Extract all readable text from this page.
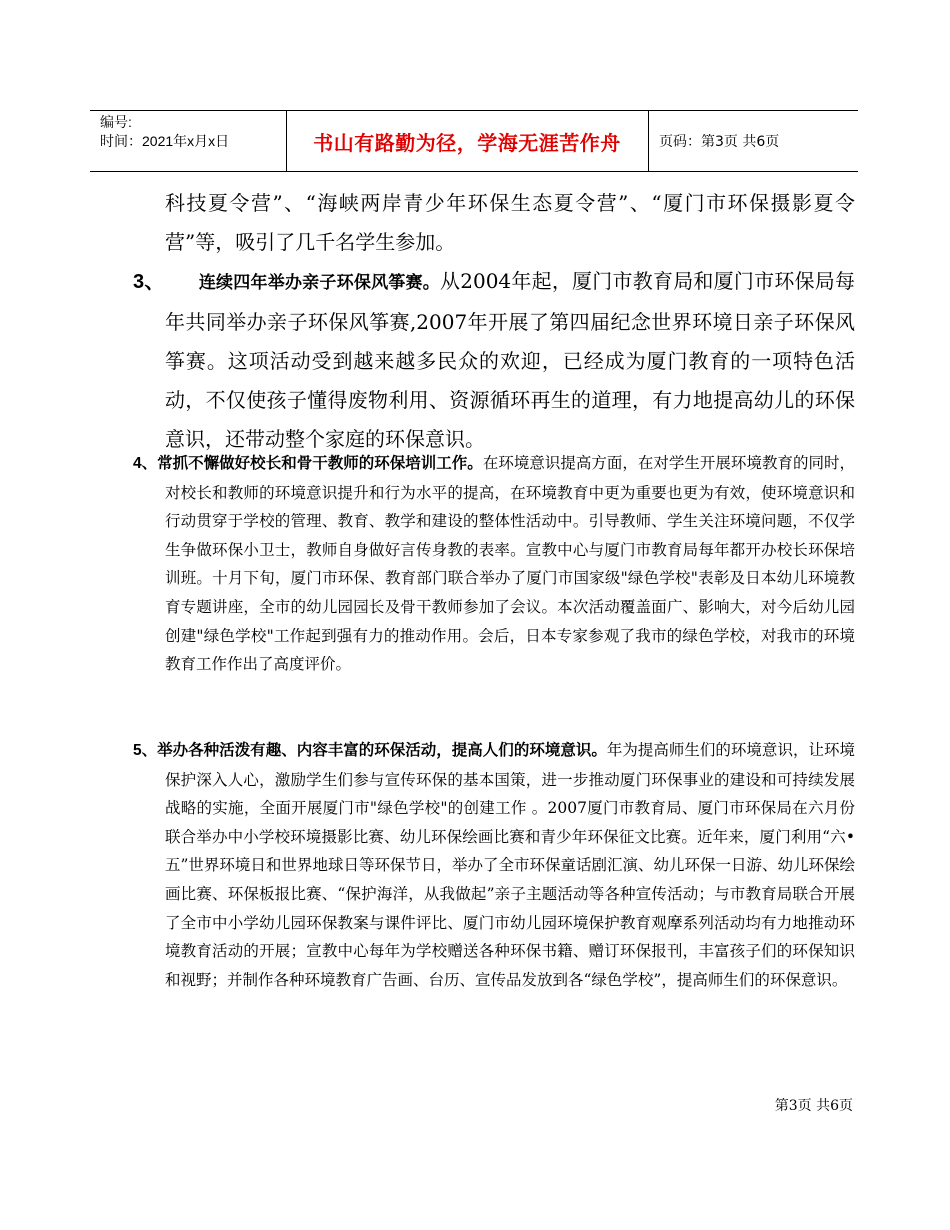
编号:
时间：2021年x月x日	书山有路勤为径，学海无涯苦作舟	页码：第3页 共6页

科技夏令营”、“海峡两岸青少年环保生态夏令营”、“厦门市环保摄影夏令营”等，吸引了几千名学生参加。

3、 连续四年举办亲子环保风筝赛。从2004年起，厦门市教育局和厦门市环保局每年共同举办亲子环保风筝赛,2007年开展了第四届纪念世界环境日亲子环保风筝赛。这项活动受到越来越多民众的欢迎，已经成为厦门教育的一项特色活动，不仅使孩子懂得废物利用、资源循环再生的道理，有力地提高幼儿的环保意识，还带动整个家庭的环保意识。

4、常抓不懈做好校长和骨干教师的环保培训工作。在环境意识提高方面，在对学生开展环境教育的同时，对校长和教师的环境意识提升和行为水平的提高，在环境教育中更为重要也更为有效，使环境意识和行动贯穿于学校的管理、教育、教学和建设的整体性活动中。引导教师、学生关注环境问题，不仅学生争做环保小卫士，教师自身做好言传身教的表率。宣教中心与厦门市教育局每年都开办校长环保培训班。十月下旬，厦门市环保、教育部门联合举办了厦门市国家级"绿色学校"表彰及日本幼儿环境教育专题讲座，全市的幼儿园园长及骨干教师参加了会议。本次活动覆盖面广、影响大，对今后幼儿园创建"绿色学校"工作起到强有力的推动作用。会后，日本专家参观了我市的绿色学校，对我市的环境教育工作作出了高度评价。

5、举办各种活泼有趣、内容丰富的环保活动，提高人们的环境意识。年为提高师生们的环境意识，让环境保护深入人心，激励学生们参与宣传环保的基本国策，进一步推动厦门环保事业的建设和可持续发展战略的实施，全面开展厦门市"绿色学校"的创建工作 。2007厦门市教育局、厦门市环保局在六月份联合举办中小学校环境摄影比赛、幼儿环保绘画比赛和青少年环保征文比赛。近年来，厦门利用“六•五”世界环境日和世界地球日等环保节日，举办了全市环保童话剧汇演、幼儿环保一日游、幼儿环保绘画比赛、环保板报比赛、“保护海洋，从我做起”亲子主题活动等各种宣传活动；与市教育局联合开展了全市中小学幼儿园环保教案与课件评比、厦门市幼儿园环境保护教育观摩系列活动均有力地推动环境教育活动的开展；宣教中心每年为学校赠送各种环保书籍、赠订环保报刊，丰富孩子们的环保知识和视野；并制作各种环境教育广告画、台历、宣传品发放到各“绿色学校”，提高师生们的环保意识。

第3页 共6页
